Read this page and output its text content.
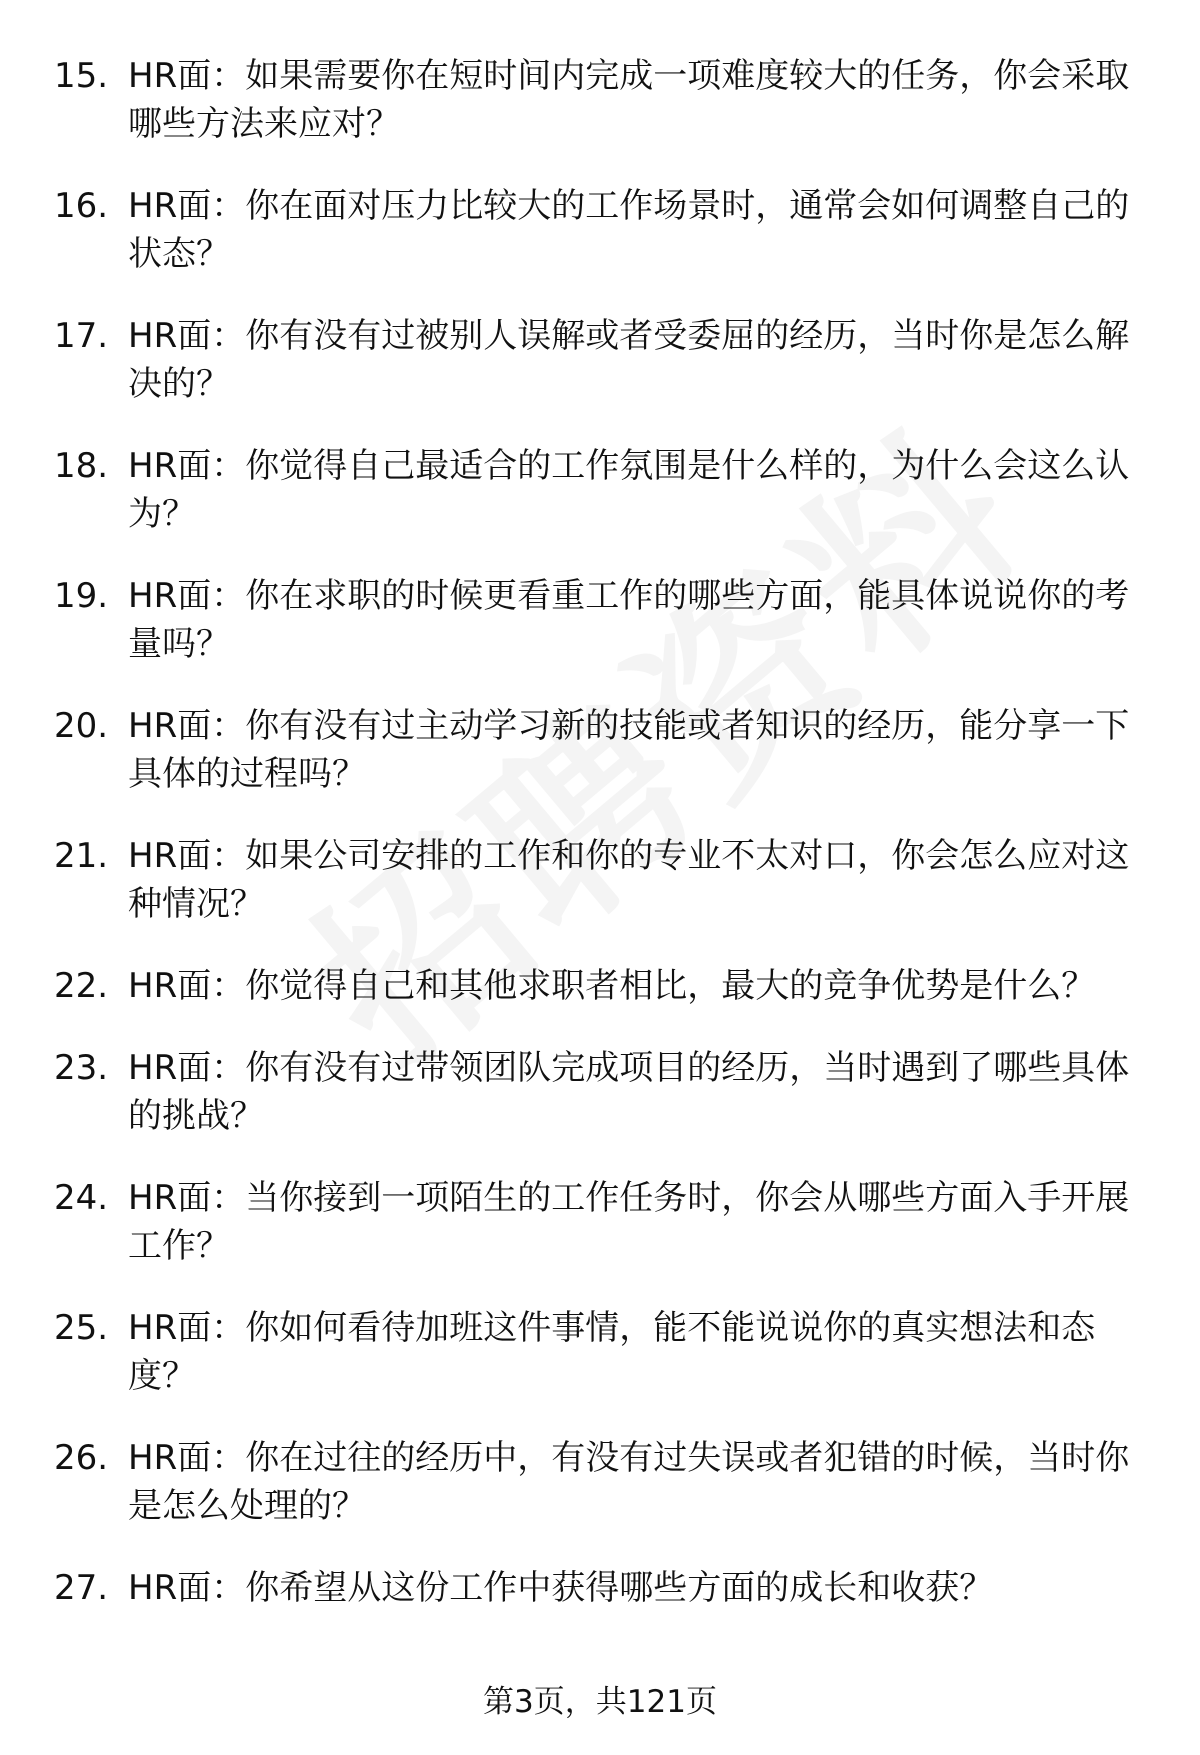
15. HR面：如果需要你在短时间内完成一项难度较大的任务，你会采取哪些方法来应对？
16. HR面：你在面对压力比较大的工作场景时，通常会如何调整自己的状态？
17. HR面：你有没有过被别人误解或者受委屈的经历，当时你是怎么解决的？
18. HR面：你觉得自己最适合的工作氛围是什么样的，为什么会这么认为？
19. HR面：你在求职的时候更看重工作的哪些方面，能具体说说你的考量吗？
20. HR面：你有没有过主动学习新的技能或者知识的经历，能分享一下具体的过程吗？
21. HR面：如果公司安排的工作和你的专业不太对口，你会怎么应对这种情况？
22. HR面：你觉得自己和其他求职者相比，最大的竞争优势是什么？
23. HR面：你有没有过带领团队完成项目的经历，当时遇到了哪些具体的挑战？
24. HR面：当你接到一项陌生的工作任务时，你会从哪些方面入手开展工作？
25. HR面：你如何看待加班这件事情，能不能说说你的真实想法和态度？
26. HR面：你在过往的经历中，有没有过失误或者犯错的时候，当时你是怎么处理的？
27. HR面：你希望从这份工作中获得哪些方面的成长和收获？
第3页，共121页
